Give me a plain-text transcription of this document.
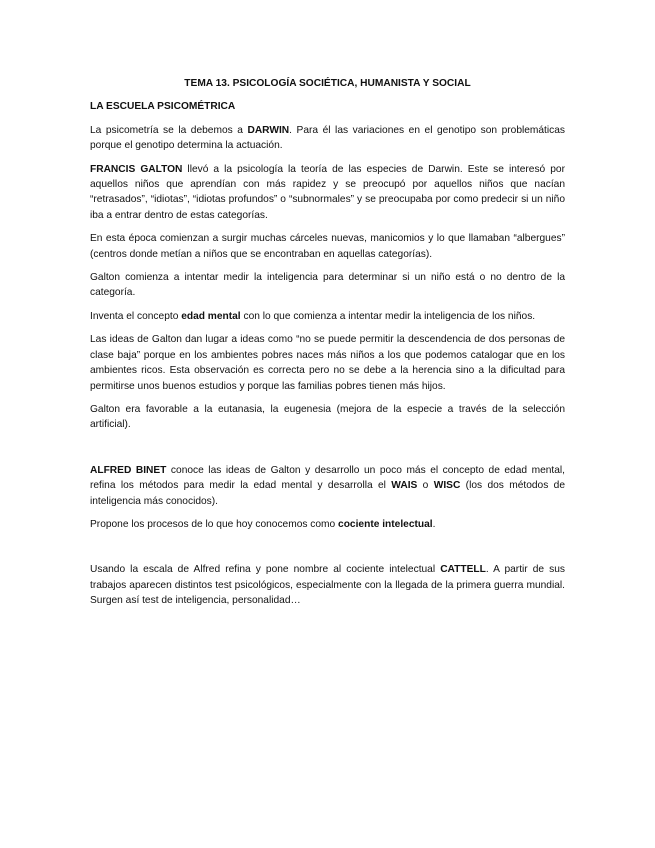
TEMA 13. PSICOLOGÍA SOCIÉTICA, HUMANISTA Y SOCIAL
LA ESCUELA PSICOMÉTRICA

La psicometría se la debemos a DARWIN. Para él las variaciones en el genotipo son problemáticas porque el genotipo determina la actuación.

FRANCIS GALTON llevó a la psicología la teoría de las especies de Darwin. Este se interesó por aquellos niños que aprendían con más rapidez y se preocupó por aquellos niños que nacían “retrasados”, “idiotas”, “idiotas profundos” o “subnormales” y se preocupaba por como predecir si un niño iba a entrar dentro de estas categorías.

En esta época comienzan a surgir muchas cárceles nuevas, manicomios y lo que llamaban “albergues” (centros donde metían a niños que se encontraban en aquellas categorías).

Galton comienza a intentar medir la inteligencia para determinar si un niño está o no dentro de la categoría.

Inventa el concepto edad mental con lo que comienza a intentar medir la inteligencia de los niños.

Las ideas de Galton dan lugar a ideas como “no se puede permitir la descendencia de dos personas de clase baja” porque en los ambientes pobres naces más niños a los que podemos catalogar que en los ambientes ricos. Esta observación es correcta pero no se debe a la herencia sino a la dificultad para permitirse unos buenos estudios y porque las familias pobres tienen más hijos.

Galton era favorable a la eutanasia, la eugenesia (mejora de la especie a través de la selección artificial).

ALFRED BINET conoce las ideas de Galton y desarrollo un poco más el concepto de edad mental, refina los métodos para medir la edad mental y desarrolla el WAIS o WISC (los dos métodos de inteligencia más conocidos).

Propone los procesos de lo que hoy conocemos como cociente intelectual.

Usando la escala de Alfred refina y pone nombre al cociente intelectual CATTELL. A partir de sus trabajos aparecen distintos test psicológicos, especialmente con la llegada de la primera guerra mundial. Surgen así test de inteligencia, personalidad…
